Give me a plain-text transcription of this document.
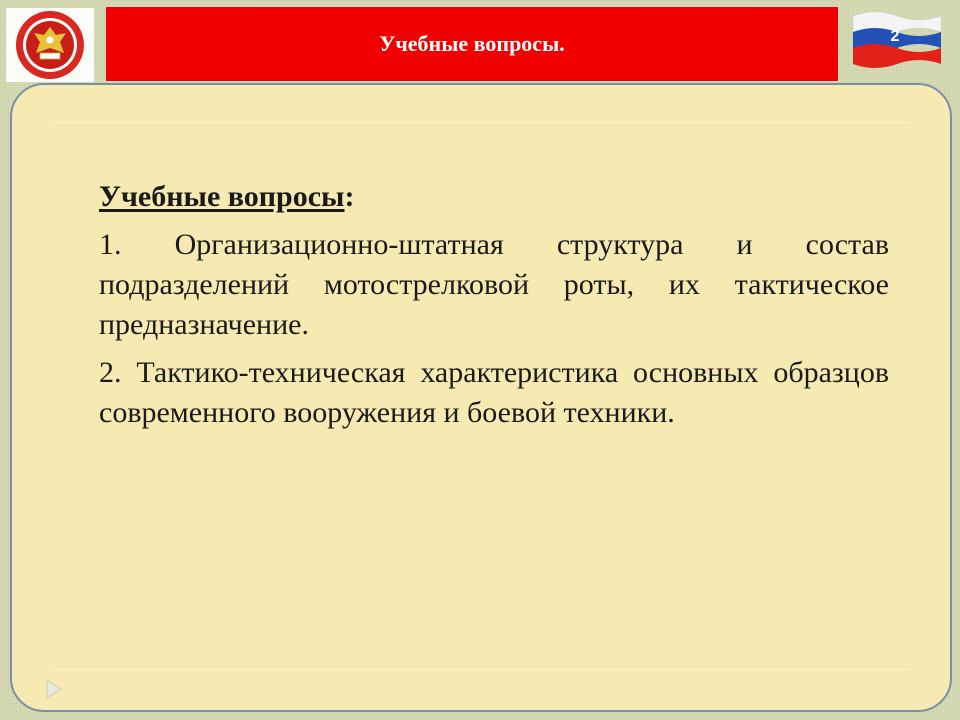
Учебные вопросы.	2

Учебные вопросы:

1. Организационно-штатная структура и состав подразделений мотострелковой роты, их тактическое предназначение.

2. Тактико-техническая характеристика основных образцов современного вооружения и боевой техники.
